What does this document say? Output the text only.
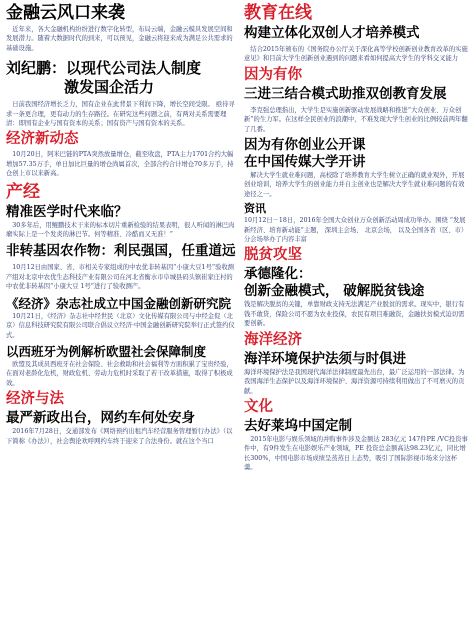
金融云风口来袭

近年来，各大金融机构纷纷进行数字化转型，布局云端，金融云模具发展空间和发展潜力。随着大数据时代的到来，可以预见，金融云将迎来成为满足公共需求的基础设施。

刘纪鹏：以现代公司法人制度
激发国企活力

日前我国经济增长乏力，国有企业在此背景下利润下降，增长空间受限。 亟待寻求一条更合理，更有动力的生存路径。在研究这些问题之前，有两对关系需要理清：即国有企业与国有资本的关系；国有资产与国有资本的关系。

经济新动态

10月20日，阿米巴链的PTA突然放量增仓，截至收盘，PTA主力1701合约大幅增加57.35万手，单日加比巨量的增仓尚属首次，全部合约合计增仓70多万手，持仓创上市以来新高。

产经
精准医学时代来临？

30多年后，用鲲鹏技术干来的标本切片重新检验的结果表明，很人听闻的淋巴肉瘤实际上是一个发炎的淋巴节。何等精准、冷酷而又无准！”

非转基因农作物：利民强国，任重道远

10月12日由国家、省、市相关专家组成的中农优非转基因“小康大豆1号”验收测产组对北京中农优生态科技产业有限公司在河北省衡水市阜城县码头镇崔家庄村的中农优非转基因“小康大豆 1号”进行了验收测产。

《经济》杂志社成立中国金融创新研究院

10月21日，《经济》杂志社中经世民（北京）文化传媒有限公司与中经金促（北京）信息科技研究院有限公司联合倡议立经济·中国金融创新研究院举行正式签约仪式。

以西班牙为例解析欧盟社会保障制度

欧盟及其成员西班牙在社会保险、社会救助和社会福利等方面积累了宝贵经验，在面对老龄化危机，财政危机、劳动力危机时采取了若干改革措施，取得了积极成效。

经济与法
最严新政出台，网约车何处安身

2016年7月28日，交通部发布《网络预约出租汽车经营服务管理暂行办法》（以下简称《办法》），社会舆论欢呼网约车终于迎来了合法身份。就在这个当口

教育在线
构建立体化双创人才培养模式

结合2015年颁布的《国务院办公厅关于深化高等学校创新创业教育改革的实施意见》和目前大学生创新创业遇到的问题来看如何提高大学生的学科交叉能力

因为有你
三进三结合模式助推双创教育发展

李克强总理指出，大学生是实施创新驱动发展战略和推进“大众创业、万众创新”的生力军。在这样全民创业的浪潮中，不难发现大学生创业的比例较前两年翻了几番。

因为有你创业公开课
在中国传媒大学开讲

解决大学生就业难问题，高校除了培养教育大学生树立正确的就业观外，开展创业培训，培养大学生的创业能力并自主创业也是解决大学生就业难问题的有效途径之一。

资讯

10月12日－18日，2016年全国大众创业万众创新活动周成功举办。围绕 “发展新经济、培育新动能”主题， 深圳主会场、 北京会场， 以及全国各省（区、市）分会场举办了内容丰富

脱贫攻坚
承德隆化：
创新金融模式， 破解脱贫钱途

钱是解决脱贫的关键，单靠财政支持无法满足产业脱贫的需求。现实中，银行有钱不敢贷，保险公司不愿为农业投保，农民有项目难融资，金融扶贫模式迫切需要创新。

海洋经济
海洋环境保护法须与时俱进

海洋环境保护法是我国现代海洋法律制度最先出台，最广泛运用的一部法律。为我国海洋生态保护以及海洋环境保护、海洋资源可持续利用做出了不可磨灭的贡献。

文化
去好莱坞中国定制

2015年电影与娱乐领域的并购事件涉及金额达 283亿元 147件PE /VC投资事件中，有9件发生在电影娱乐产业领域，PE 投资总金额高达98.23亿元，同比增长300%，中国电影市场成绩呈蒸蒸日上态势，吸引了国际影视市场来分这杯羹。
